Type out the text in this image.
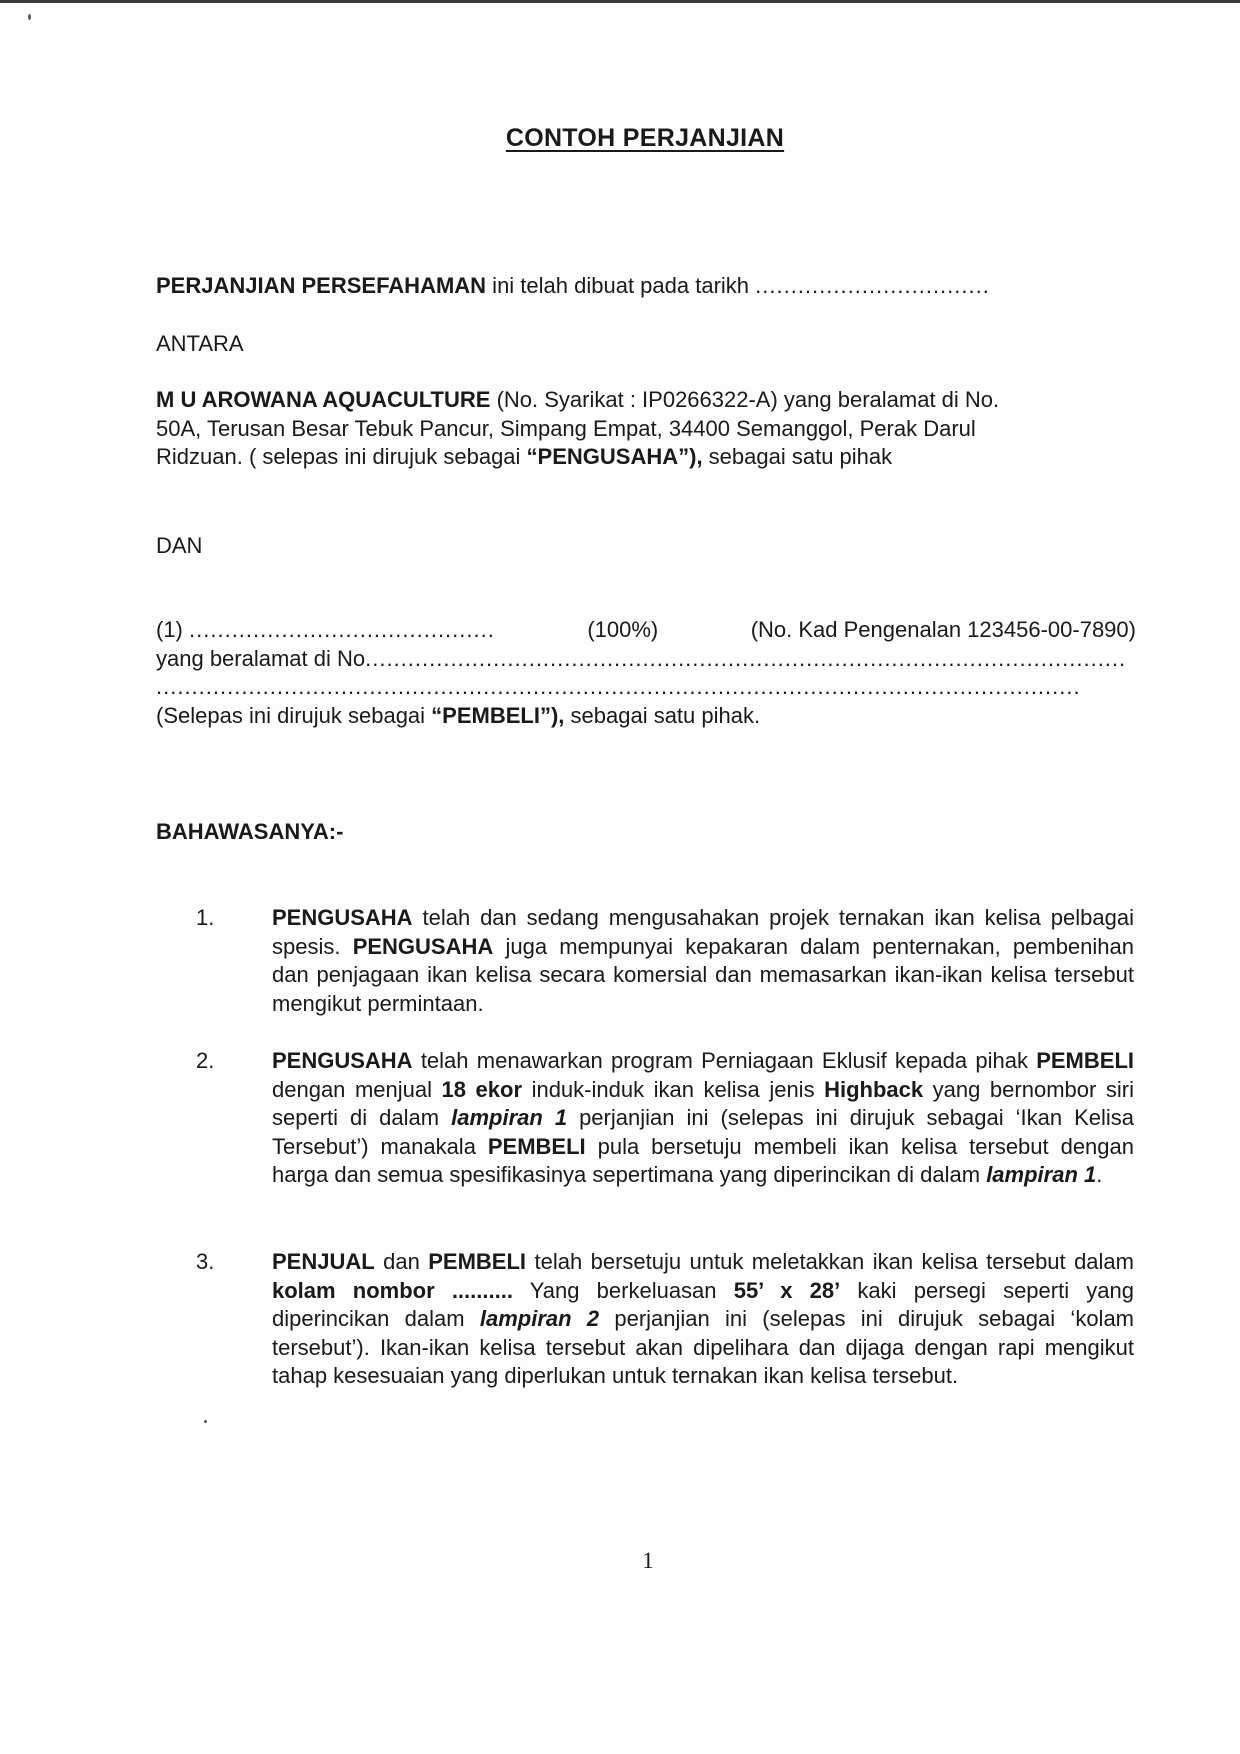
CONTOH PERJANJIAN
PERJANJIAN PERSEFAHAMAN ini telah dibuat pada tarikh .................................
ANTARA
M U AROWANA AQUACULTURE (No. Syarikat : IP0266322-A) yang beralamat di No.
50A, Terusan Besar Tebuk Pancur, Simpang Empat, 34400 Semanggol, Perak Darul
Ridzuan. ( selepas ini dirujuk sebagai “PENGUSAHA”), sebagai satu pihak
DAN
(1) ...........................................	(100%)	(No. Kad Pengenalan 123456-00-7890)
yang beralamat di No...........................................................................................................
..................................................................................................................................
(Selepas ini dirujuk sebagai “PEMBELI”), sebagai satu pihak.
BAHAWASANYA:-
1.	PENGUSAHA telah dan sedang mengusahakan projek ternakan ikan kelisa pelbagai spesis. PENGUSAHA juga mempunyai kepakaran dalam penternakan, pembenihan dan penjagaan ikan kelisa secara komersial dan memasarkan ikan-ikan kelisa tersebut mengikut permintaan.
2.	PENGUSAHA telah menawarkan program Perniagaan Eklusif kepada pihak PEMBELI dengan menjual 18 ekor induk-induk ikan kelisa jenis Highback yang bernombor siri seperti di dalam lampiran 1 perjanjian ini (selepas ini dirujuk sebagai ‘Ikan Kelisa Tersebut’) manakala PEMBELI pula bersetuju membeli ikan kelisa tersebut dengan harga dan semua spesifikasinya sepertimana yang diperincikan di dalam lampiran 1.
3.	PENJUAL dan PEMBELI telah bersetuju untuk meletakkan ikan kelisa tersebut dalam kolam nombor .......... Yang berkeluasan 55’ x 28’ kaki persegi seperti yang diperincikan dalam lampiran 2 perjanjian ini (selepas ini dirujuk sebagai ‘kolam tersebut’). Ikan-ikan kelisa tersebut akan dipelihara dan dijaga dengan rapi mengikut tahap kesesuaian yang diperlukan untuk ternakan ikan kelisa tersebut.
1
